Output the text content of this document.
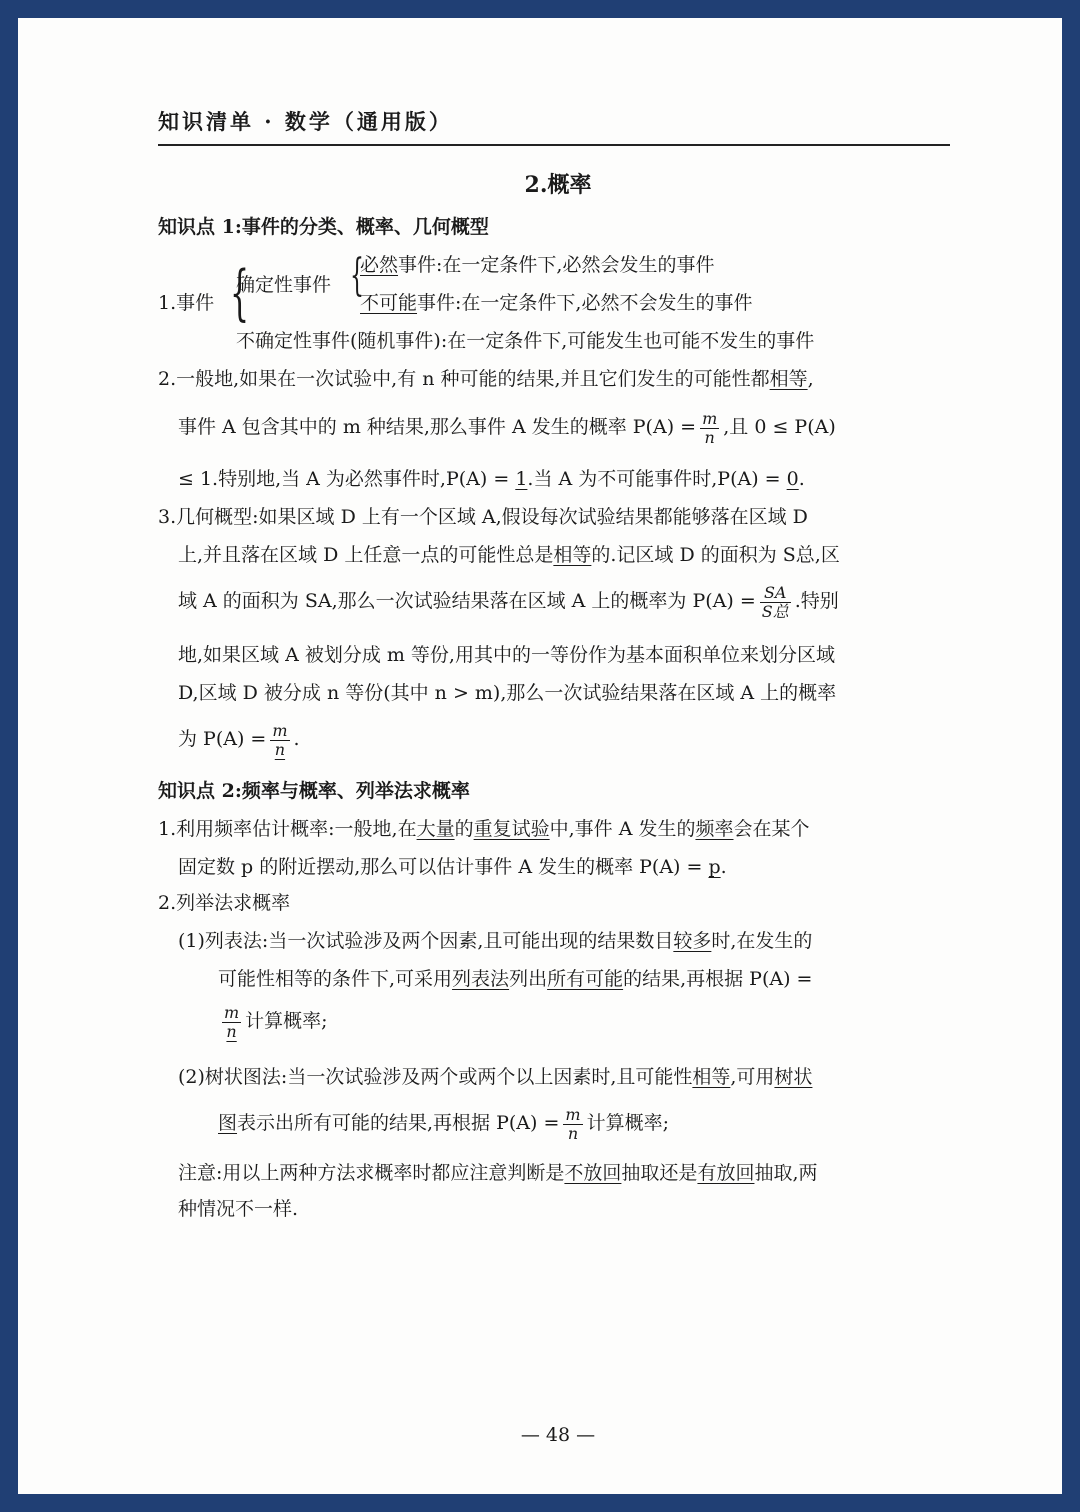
知识清单 · 数学（通用版）
2.概率
知识点 1:事件的分类、概率、几何概型
1.事件 {
确定性事件 {
必然事件:在一定条件下,必然会发生的事件
不可能事件:在一定条件下,必然不会发生的事件
不确定性事件(随机事件):在一定条件下,可能发生也可能不发生的事件
2.一般地,如果在一次试验中,有 n 种可能的结果,并且它们发生的可能性都相等,
事件 A 包含其中的 m 种结果,那么事件 A 发生的概率 $P(A) = \frac{m}{n}$ ,且 0 ≤ P(A)
≤ 1.特别地,当 A 为必然事件时,P(A) = 1.当 A 为不可能事件时,P(A) = 0.
3.几何概型:如果区域 D 上有一个区域 A,假设每次试验结果都能够落在区域 D
上,并且落在区域 D 上任意一点的可能性总是相等的.记区域 D 的面积为 S总,区
域 A 的面积为 SA,那么一次试验结果落在区域 A 上的概率为 $P(A) = \frac{SA}{\text{S总}}$ .特别
地,如果区域 A 被划分成 m 等份,用其中的一等份作为基本面积单位来划分区域
D,区域 D 被分成 n 等份(其中 n > m),那么一次试验结果落在区域 A 上的概率
为 $P(A) = \frac{m}{n}$ .
知识点 2:频率与概率、列举法求概率
1.利用频率估计概率:一般地,在大量的重复试验中,事件 A 发生的频率会在某个
固定数 p 的附近摆动,那么可以估计事件 A 发生的概率 P(A) = p.
2.列举法求概率
(1)列表法:当一次试验涉及两个因素,且可能出现的结果数目较多时,在发生的
可能性相等的条件下,可采用列表法列出所有可能的结果,再根据 P(A) =
$\frac{m}{n}$ 计算概率;
(2)树状图法:当一次试验涉及两个或两个以上因素时,且可能性相等,可用树状
图表示出所有可能的结果,再根据 $P(A) = \frac{m}{n}$ 计算概率;
注意:用以上两种方法求概率时都应注意判断是不放回抽取还是有放回抽取,两
种情况不一样.
— 48 —
